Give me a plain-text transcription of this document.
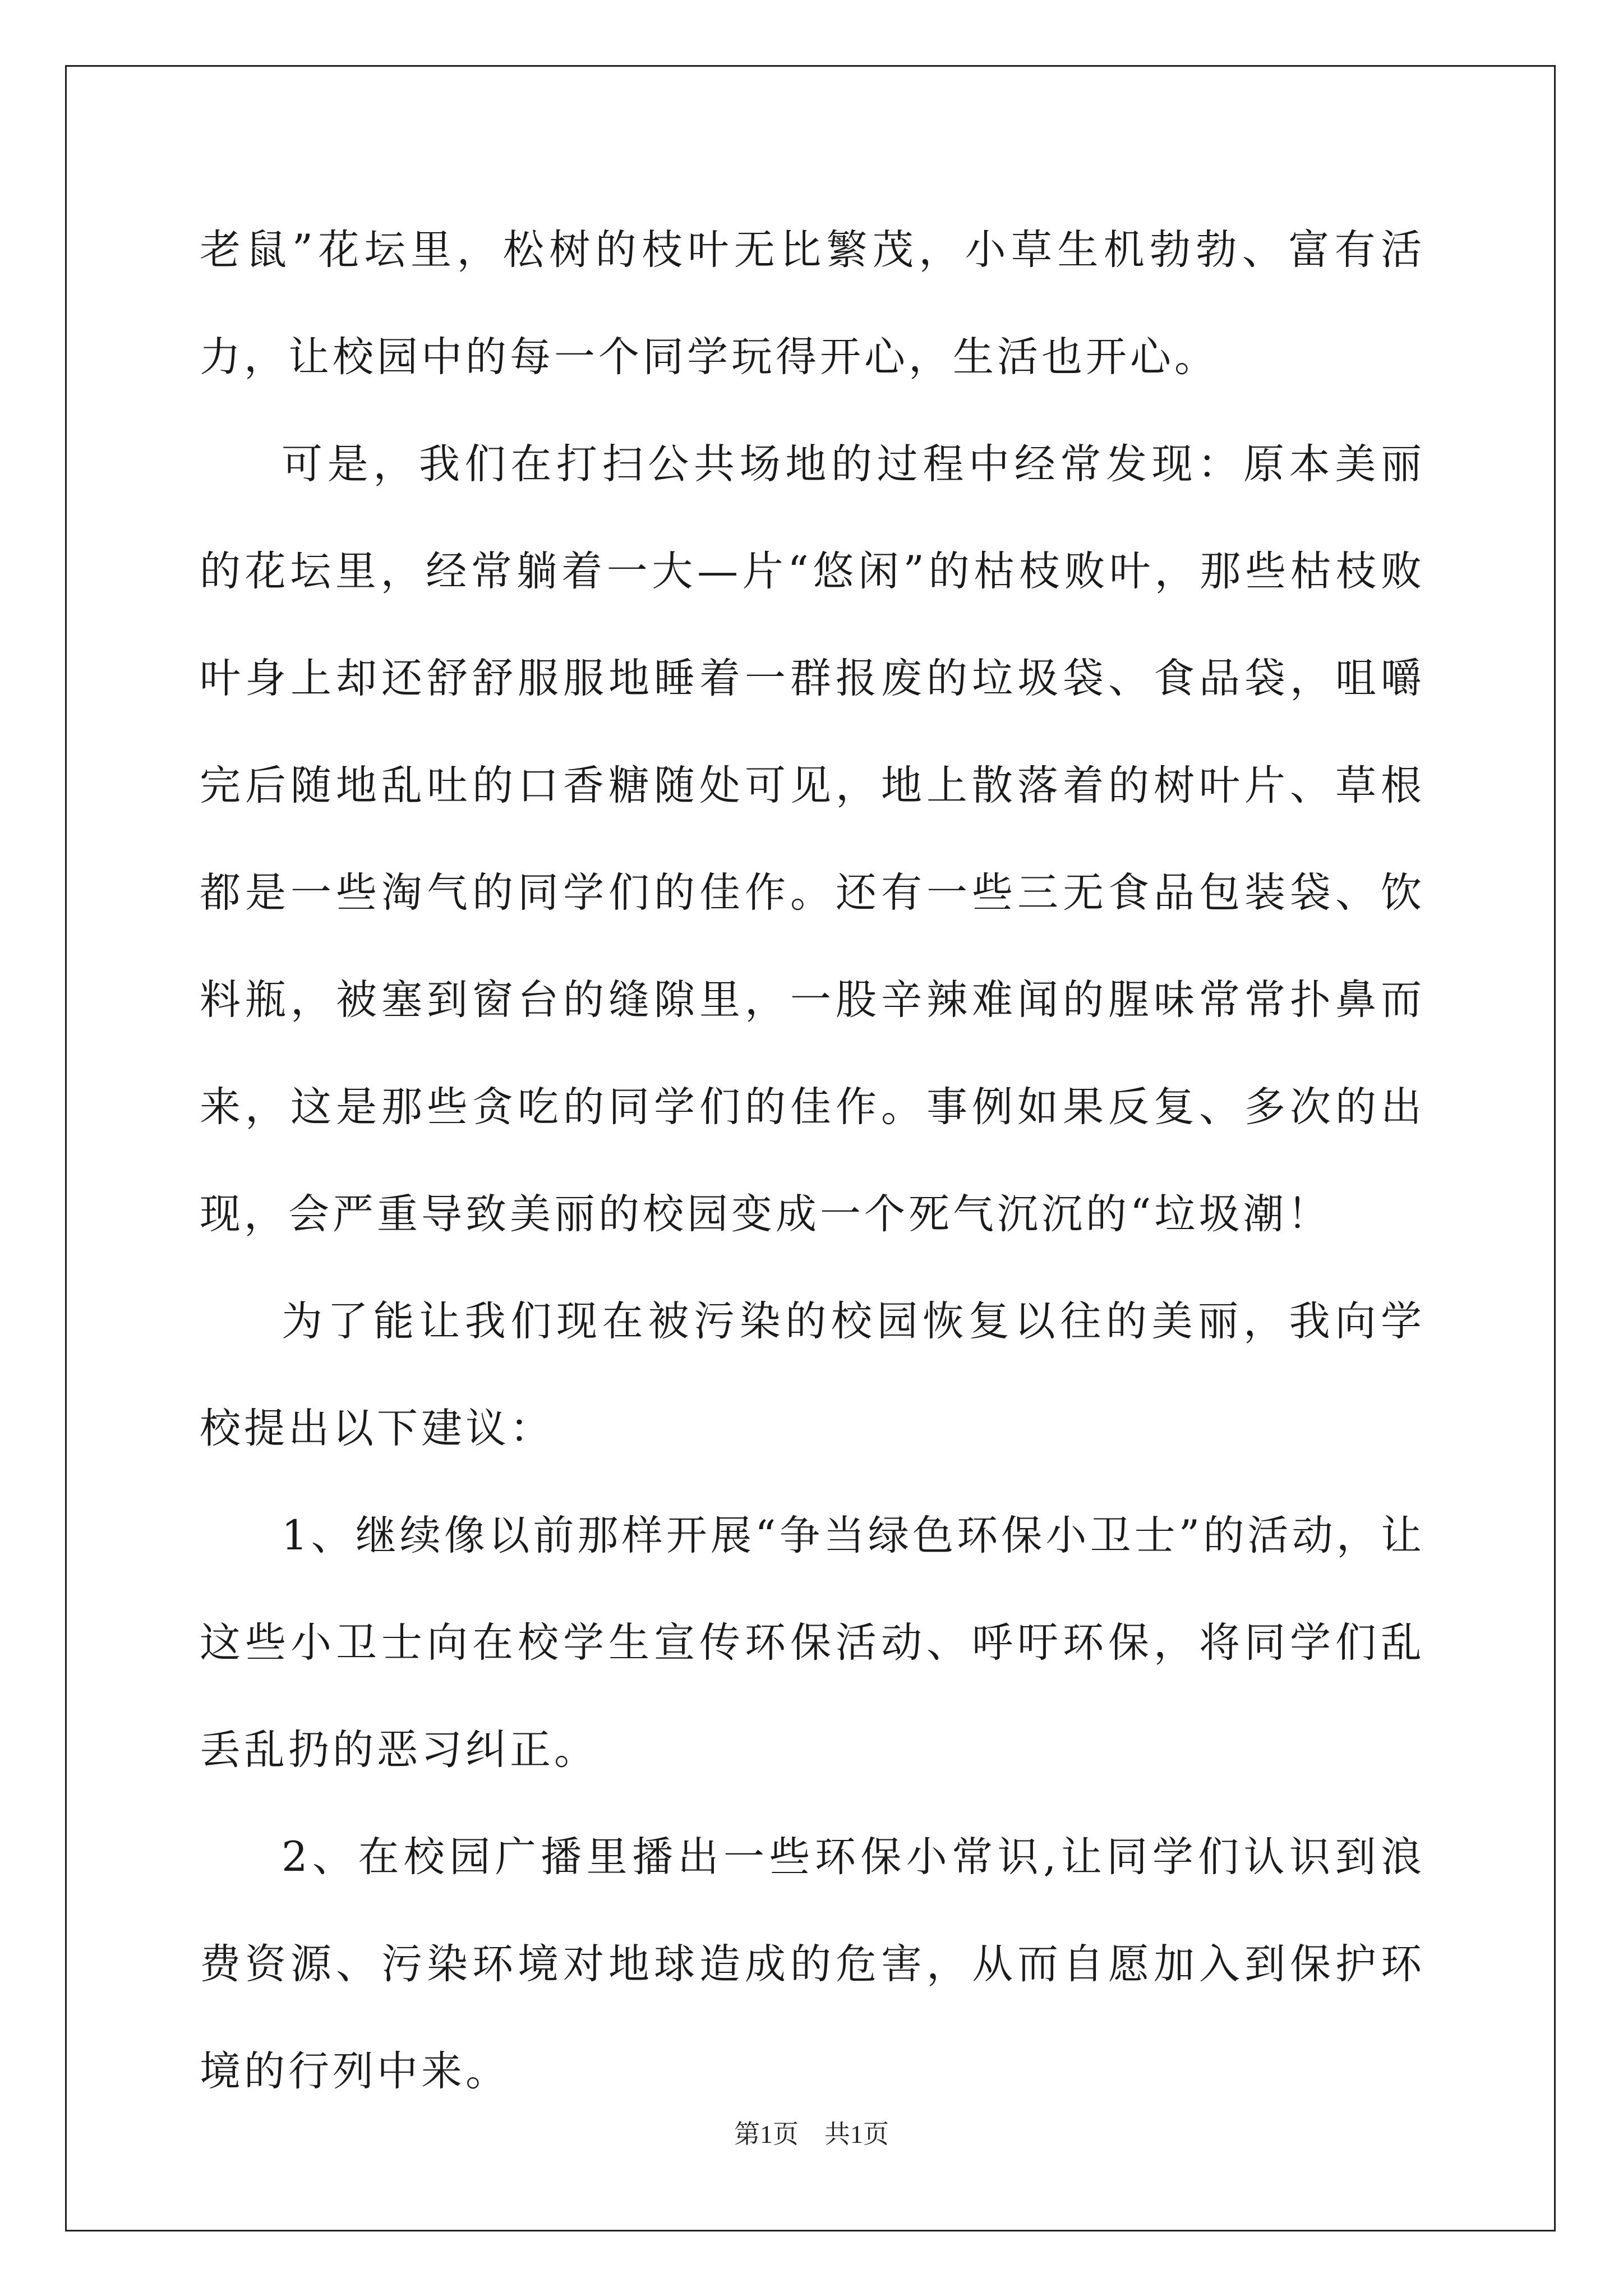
老鼠”花坛里，松树的枝叶无比繁茂，小草生机勃勃、富有活力，让校园中的每一个同学玩得开心，生活也开心。

可是，我们在打扫公共场地的过程中经常发现：原本美丽的花坛里，经常躺着一大—片“悠闲”的枯枝败叶，那些枯枝败叶身上却还舒舒服服地睡着一群报废的垃圾袋、食品袋，咀嚼完后随地乱吐的口香糖随处可见，地上散落着的树叶片、草根都是一些淘气的同学们的佳作。还有一些三无食品包装袋、饮料瓶，被塞到窗台的缝隙里，一股辛辣难闻的腥味常常扑鼻而来，这是那些贪吃的同学们的佳作。事例如果反复、多次的出现，会严重导致美丽的校园变成一个死气沉沉的“垃圾潮！

为了能让我们现在被污染的校园恢复以往的美丽，我向学校提出以下建议：

1、继续像以前那样开展“争当绿色环保小卫士”的活动，让这些小卫士向在校学生宣传环保活动、呼吁环保，将同学们乱丢乱扔的恶习纠正。

2、在校园广播里播出一些环保小常识,让同学们认识到浪费资源、污染环境对地球造成的危害，从而自愿加入到保护环境的行列中来。

第1页 共1页
